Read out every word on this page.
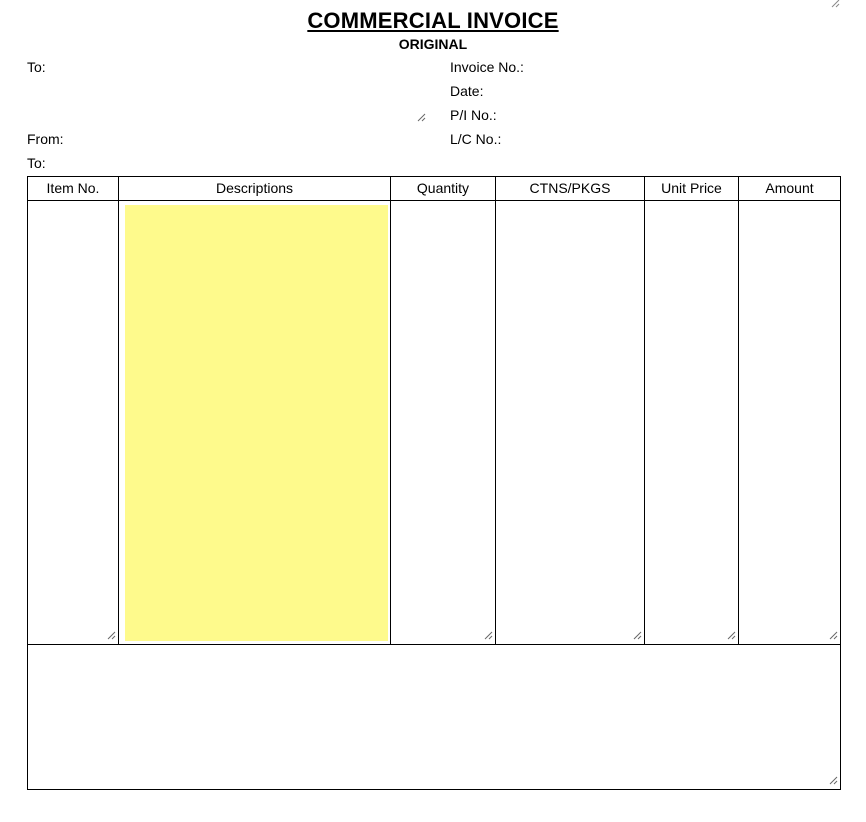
COMMERCIAL INVOICE
ORIGINAL
To:
From:
To:
Invoice No.:
Date:
P/I No.:
L/C No.:
Item No.	Descriptions	Quantity	CTNS/PKGS	Unit Price	Amount
